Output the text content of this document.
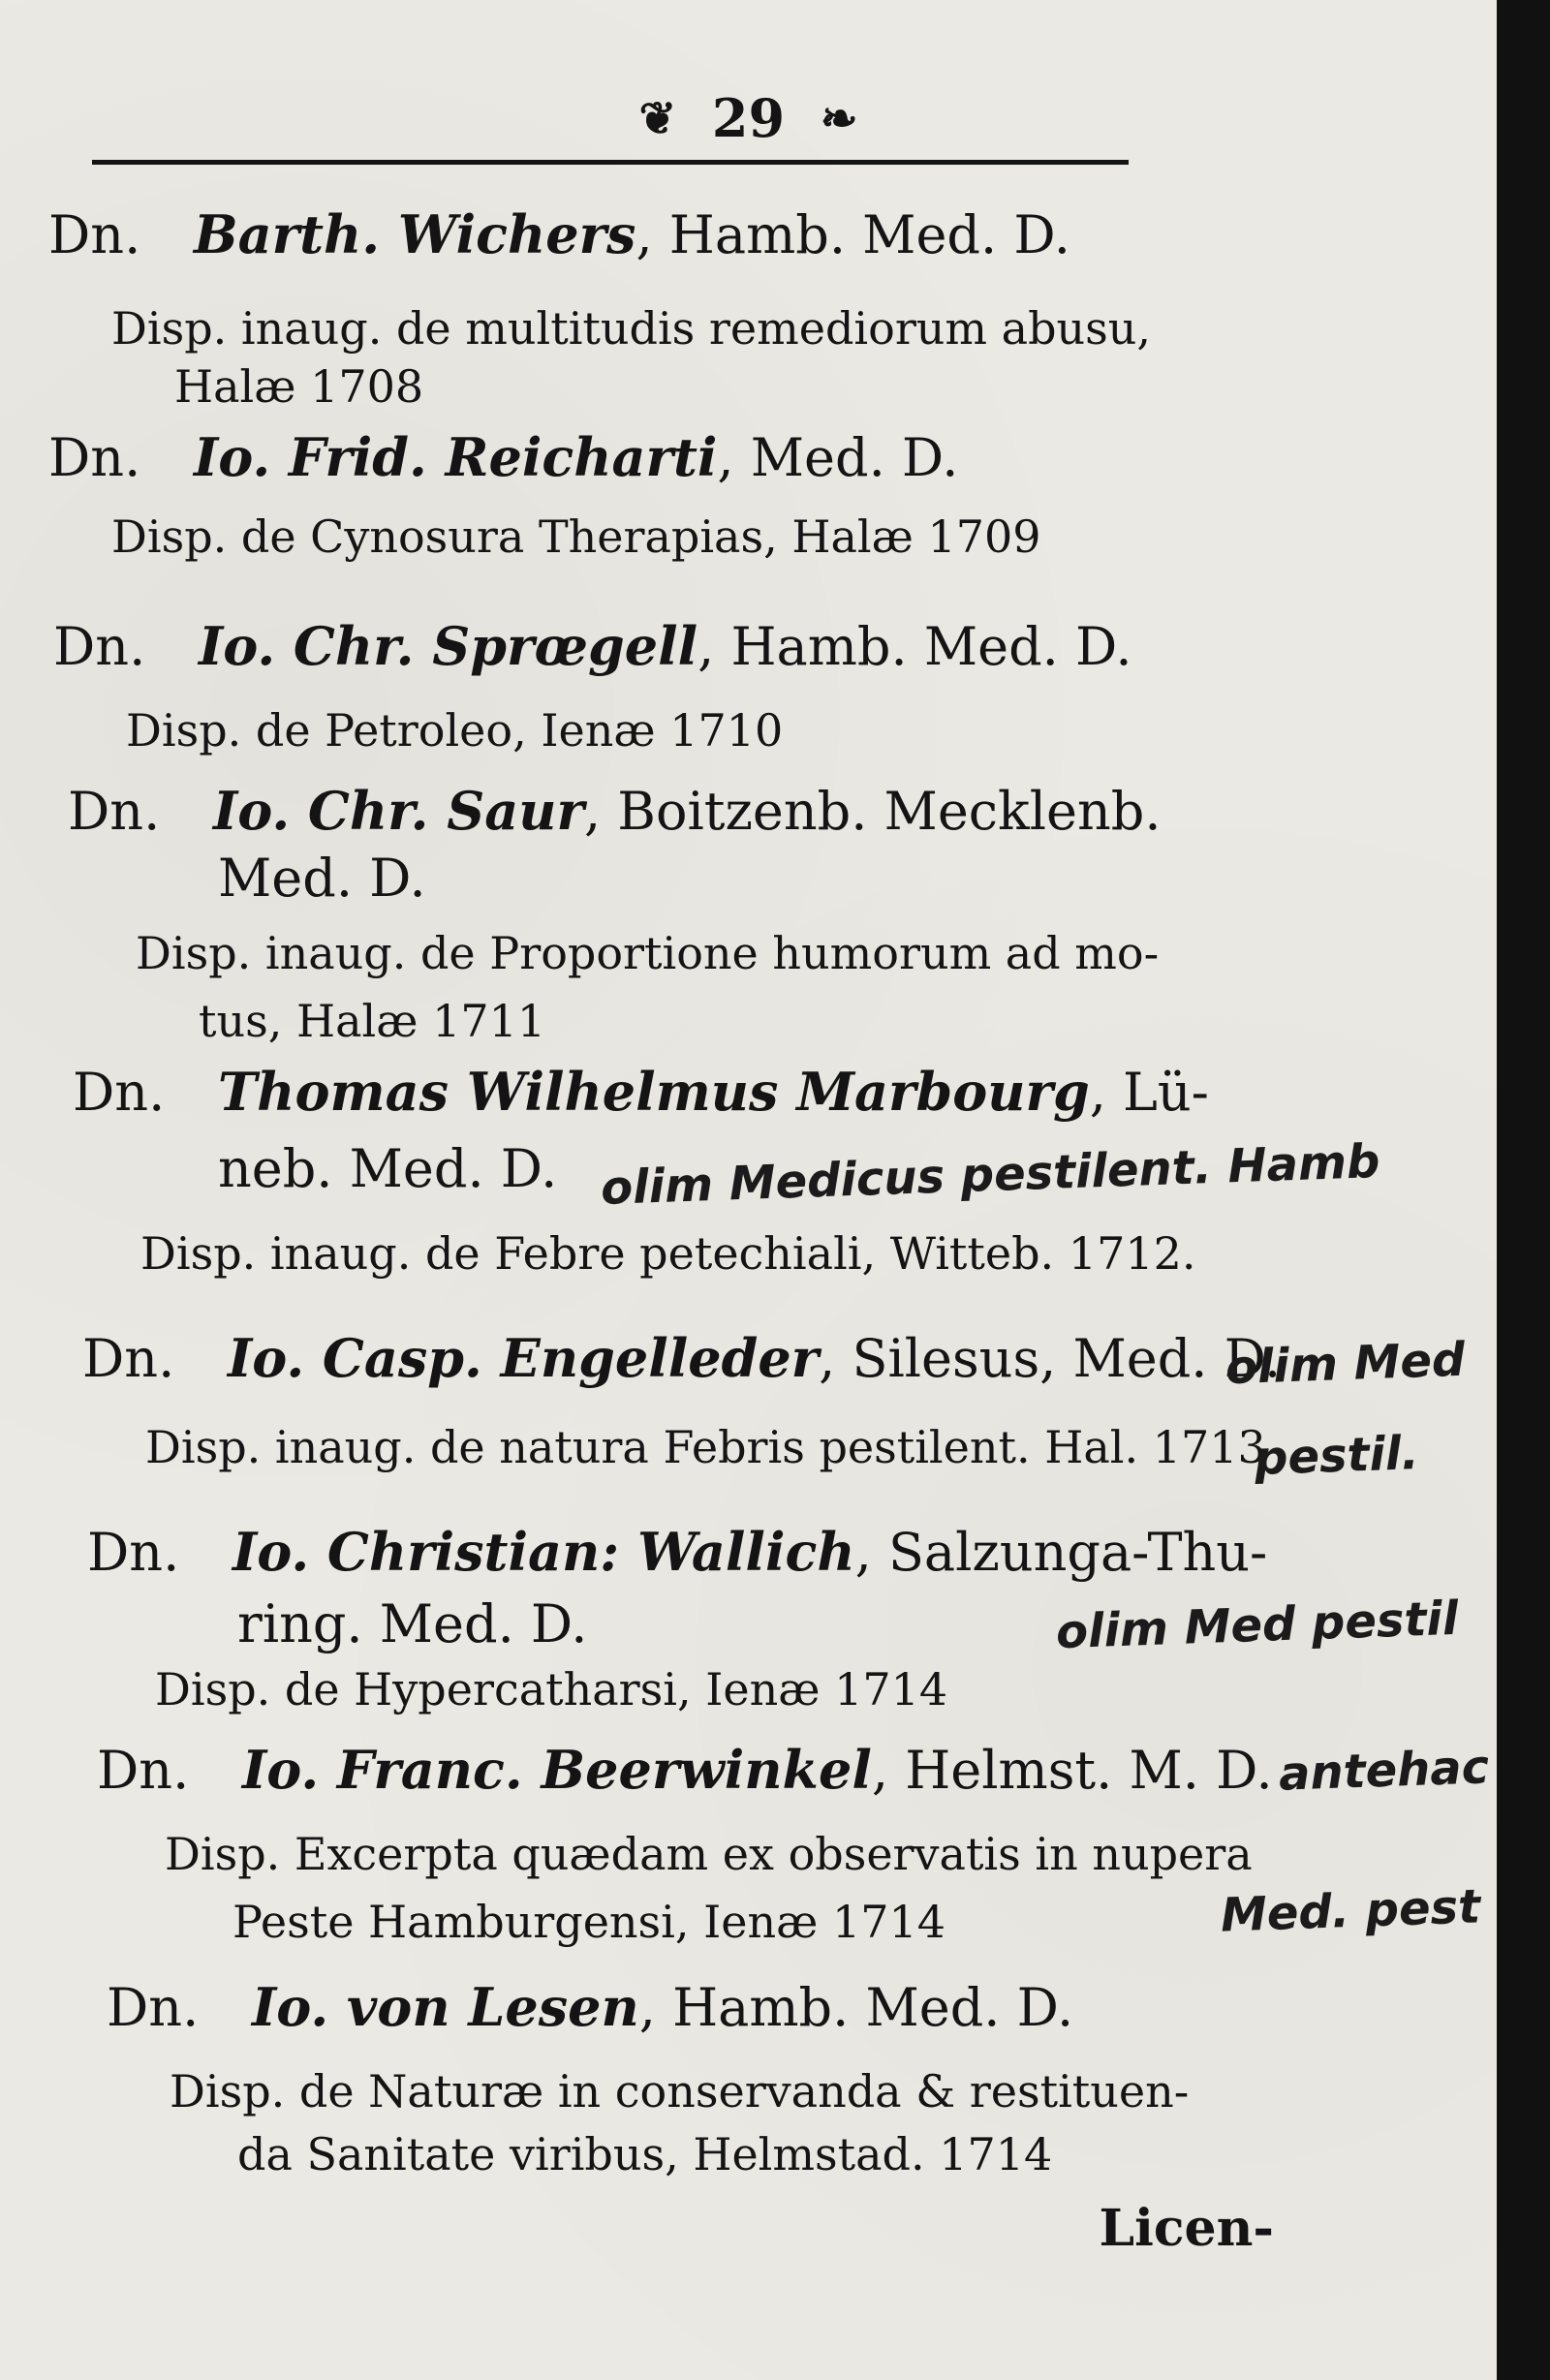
❦ 29 ❧
Dn. Barth. Wichers, Hamb. Med. D.
Disp. inaug. de multitudis remediorum abusu,
Halæ 1708
Dn. Io. Frid. Reicharti, Med. D.
Disp. de Cynosura Therapias, Halæ 1709
Dn. Io. Chr. Sprœgell, Hamb. Med. D.
Disp. de Petroleo, Ienæ 1710
Dn. Io. Chr. Saur, Boitzenb. Mecklenb.
Med. D.
Disp. inaug. de Proportione humorum ad mo-
tus, Halæ 1711
Dn. Thomas Wilhelmus Marbourg, Lü-
neb. Med. D.
Disp. inaug. de Febre petechiali, Witteb. 1712.
Dn. Io. Casp. Engelleder, Silesus, Med. D.
Disp. inaug. de natura Febris pestilent. Hal. 1713
Dn. Io. Christian: Wallich, Salzunga-Thu-
ring. Med. D.
Disp. de Hypercatharsi, Ienæ 1714
Dn. Io. Franc. Beerwinkel, Helmst. M. D.
Disp. Excerpta quædam ex observatis in nupera
Peste Hamburgensi, Ienæ 1714
Dn. Io. von Lesen, Hamb. Med. D.
Disp. de Naturæ in conservanda & restituen-
da Sanitate viribus, Helmstad. 1714
olim Medicus pestilent. Hamb
olim Med
pestil.
olim Med pestil
antehac
Med. pest
Licen-
